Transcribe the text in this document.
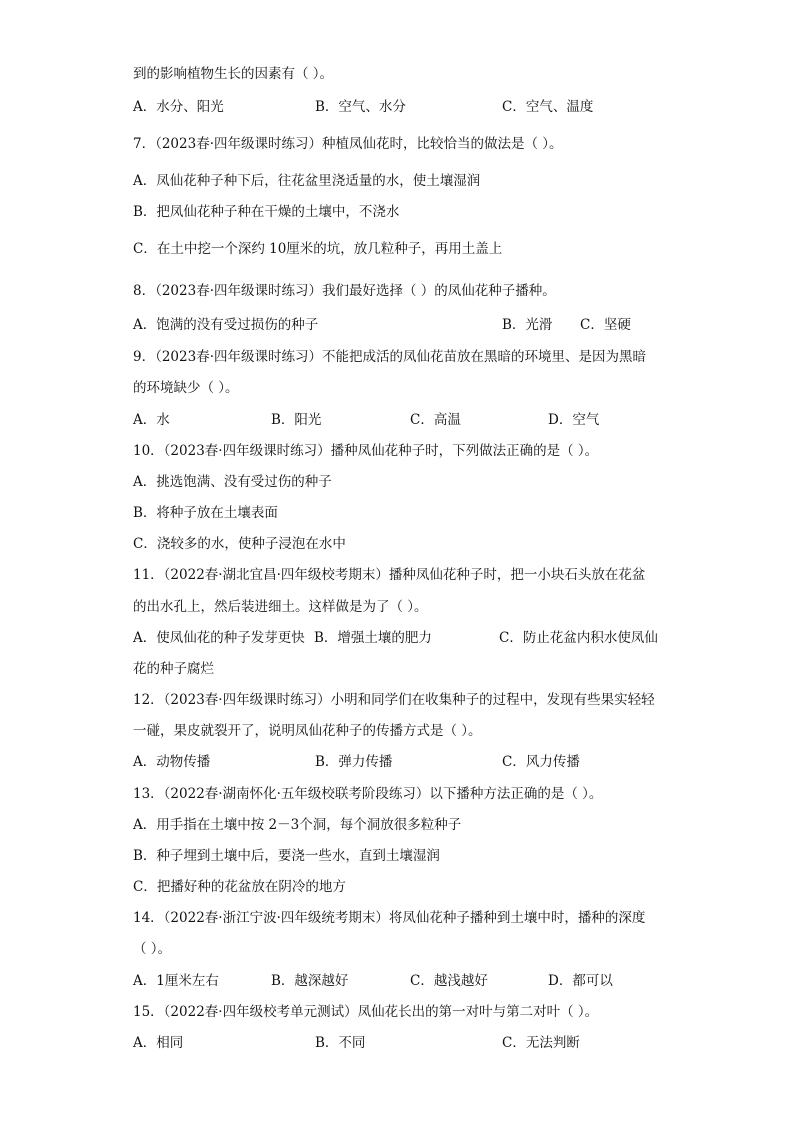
到的影响植物生长的因素有（ ）。
A．水分、阳光	B．空气、水分	C．空气、温度
7．（2023春·四年级课时练习）种植凤仙花时，比较恰当的做法是（ ）。
A．凤仙花种子种下后，往花盆里浇适量的水，使土壤湿润
B．把凤仙花种子种在干燥的土壤中，不浇水
C．在土中挖一个深约 10厘米的坑，放几粒种子，再用土盖上
8．（2023春·四年级课时练习）我们最好选择（ ）的凤仙花种子播种。
A．饱满的没有受过损伤的种子	B．光滑 C．坚硬
9．（2023春·四年级课时练习）不能把成活的凤仙花苗放在黑暗的环境里、是因为黑暗
的环境缺少（ ）。
A．水	B．阳光	C．高温	D．空气
10．（2023春·四年级课时练习）播种凤仙花种子时，下列做法正确的是（ ）。
A．挑选饱满、没有受过伤的种子
B．将种子放在土壤表面
C．浇较多的水，使种子浸泡在水中
11．（2022春·湖北宜昌·四年级校考期末）播种凤仙花种子时，把一小块石头放在花盆
的出水孔上，然后装进细土。这样做是为了（ ）。
A．使凤仙花的种子发芽更快 B．增强土壤的肥力	C．防止花盆内积水使凤仙
花的种子腐烂
12．（2023春·四年级课时练习）小明和同学们在收集种子的过程中，发现有些果实轻轻
一碰，果皮就裂开了，说明凤仙花种子的传播方式是（ ）。
A．动物传播	B．弹力传播	C．风力传播
13．（2022春·湖南怀化·五年级校联考阶段练习）以下播种方法正确的是（ ）。
A．用手指在土壤中按 2－3个洞，每个洞放很多粒种子
B．种子埋到土壤中后，要浇一些水，直到土壤湿润
C．把播好种的花盆放在阴冷的地方
14．（2022春·浙江宁波·四年级统考期末）将凤仙花种子播种到土壤中时，播种的深度
（ ）。
A．1厘米左右	B．越深越好	C．越浅越好	D．都可以
15．（2022春·四年级校考单元测试）凤仙花长出的第一对叶与第二对叶（ ）。
A．相同	B．不同	C．无法判断
